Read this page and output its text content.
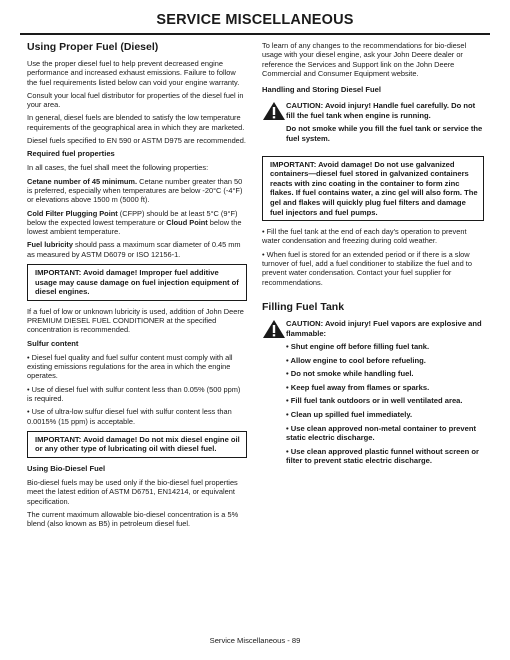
SERVICE MISCELLANEOUS
Using Proper Fuel (Diesel)

Use the proper diesel fuel to help prevent decreased engine performance and increased exhaust emissions. Failure to follow the fuel requirements listed below can void your engine warranty.

Consult your local fuel distributor for properties of the diesel fuel in your area.

In general, diesel fuels are blended to satisfy the low temperature requirements of the geographical area in which they are marketed.

Diesel fuels specified to EN 590 or ASTM D975 are recommended.

Required fuel properties

In all cases, the fuel shall meet the following properties:

Cetane number of 45 minimum. Cetane number greater than 50 is preferred, especially when temperatures are below -20°C (-4°F) or elevations above 1500 m (5000 ft).

Cold Filter Plugging Point (CFPP) should be at least 5°C (9°F) below the expected lowest temperature or Cloud Point below the lowest ambient temperature.

Fuel lubricity should pass a maximum scar diameter of 0.45 mm as measured by ASTM D6079 or ISO 12156-1.

IMPORTANT: Avoid damage! Improper fuel additive usage may cause damage on fuel injection equipment of diesel engines.

If a fuel of low or unknown lubricity is used, addition of John Deere PREMIUM DIESEL FUEL CONDITIONER at the specified concentration is recommended.

Sulfur content
• Diesel fuel quality and fuel sulfur content must comply with all existing emissions regulations for the area in which the engine operates.
• Use of diesel fuel with sulfur content less than 0.05% (500 ppm) is required.
• Use of ultra-low sulfur diesel fuel with sulfur content less than 0.0015% (15 ppm) is acceptable.
IMPORTANT: Avoid damage! Do not mix diesel engine oil or any other type of lubricating oil with diesel fuel.
Using Bio-Diesel Fuel

Bio-diesel fuels may be used only if the bio-diesel fuel properties meet the latest edition of ASTM D6751, EN14214, or equivalent specification.

The current maximum allowable bio-diesel concentration is a 5% blend (also known as B5) in petroleum diesel fuel.

To learn of any changes to the recommendations for bio-diesel usage with your diesel engine, ask your John Deere dealer or reference the Services and Support link on the John Deere Commercial and Consumer Equipment website.

Handling and Storing Diesel Fuel

CAUTION: Avoid injury! Handle fuel carefully. Do not fill the fuel tank when engine is running.

Do not smoke while you fill the fuel tank or service the fuel system.

IMPORTANT: Avoid damage! Do not use galvanized containers—diesel fuel stored in galvanized containers reacts with zinc coating in the container to form zinc flakes. If fuel contains water, a zinc gel will also form. The gel and flakes will quickly plug fuel filters and damage fuel injectors and fuel pumps.
• Fill the fuel tank at the end of each day's operation to prevent water condensation and freezing during cold weather.
• When fuel is stored for an extended period or if there is a slow turnover of fuel, add a fuel conditioner to stabilize the fuel and to prevent water condensation. Contact your fuel supplier for recommendations.
Filling Fuel Tank

CAUTION: Avoid injury! Fuel vapors are explosive and flammable:

• Shut engine off before filling fuel tank.

• Allow engine to cool before refueling.

• Do not smoke while handling fuel.

• Keep fuel away from flames or sparks.

• Fill fuel tank outdoors or in well ventilated area.

• Clean up spilled fuel immediately.

• Use clean approved non-metal container to prevent static electric discharge.

• Use clean approved plastic funnel without screen or filter to prevent static electric discharge.

Service Miscellaneous - 89
